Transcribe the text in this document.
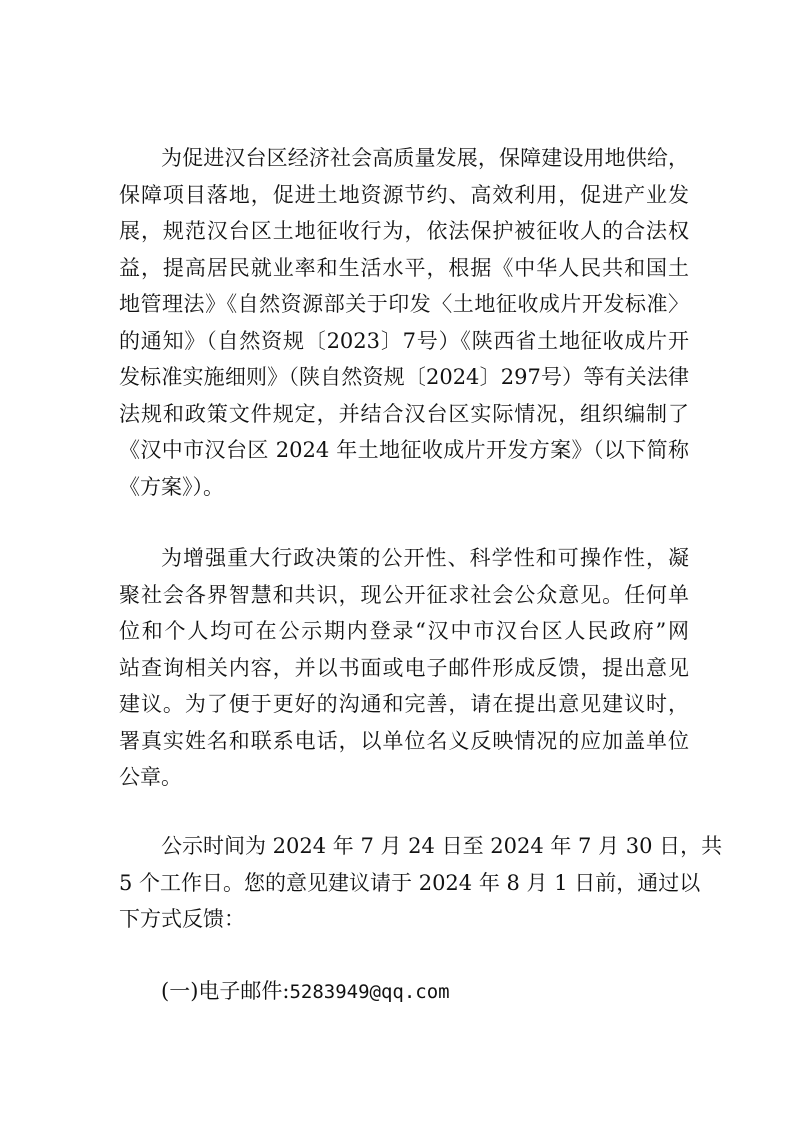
为促进汉台区经济社会高质量发展，保障建设用地供给，
保障项目落地，促进土地资源节约、高效利用，促进产业发
展，规范汉台区土地征收行为，依法保护被征收人的合法权
益，提高居民就业率和生活水平，根据《中华人民共和国土
地管理法》《自然资源部关于印发〈土地征收成片开发标准〉
的通知》（自然资规〔2023〕7号）《陕西省土地征收成片开
发标准实施细则》（陕自然资规〔2024〕297号）等有关法律
法规和政策文件规定，并结合汉台区实际情况，组织编制了
《汉中市汉台区 2024 年土地征收成片开发方案》（以下简称
《方案》）。
为增强重大行政决策的公开性、科学性和可操作性，凝
聚社会各界智慧和共识，现公开征求社会公众意见。任何单
位和个人均可在公示期内登录“汉中市汉台区人民政府”网
站查询相关内容，并以书面或电子邮件形成反馈，提出意见
建议。为了便于更好的沟通和完善，请在提出意见建议时，
署真实姓名和联系电话，以单位名义反映情况的应加盖单位
公章。
公示时间为 2024 年 7 月 24 日至 2024 年 7 月 30 日，共
5 个工作日。您的意见建议请于 2024 年 8 月 1 日前，通过以
下方式反馈：
(一)电子邮件:5283949@qq.com
